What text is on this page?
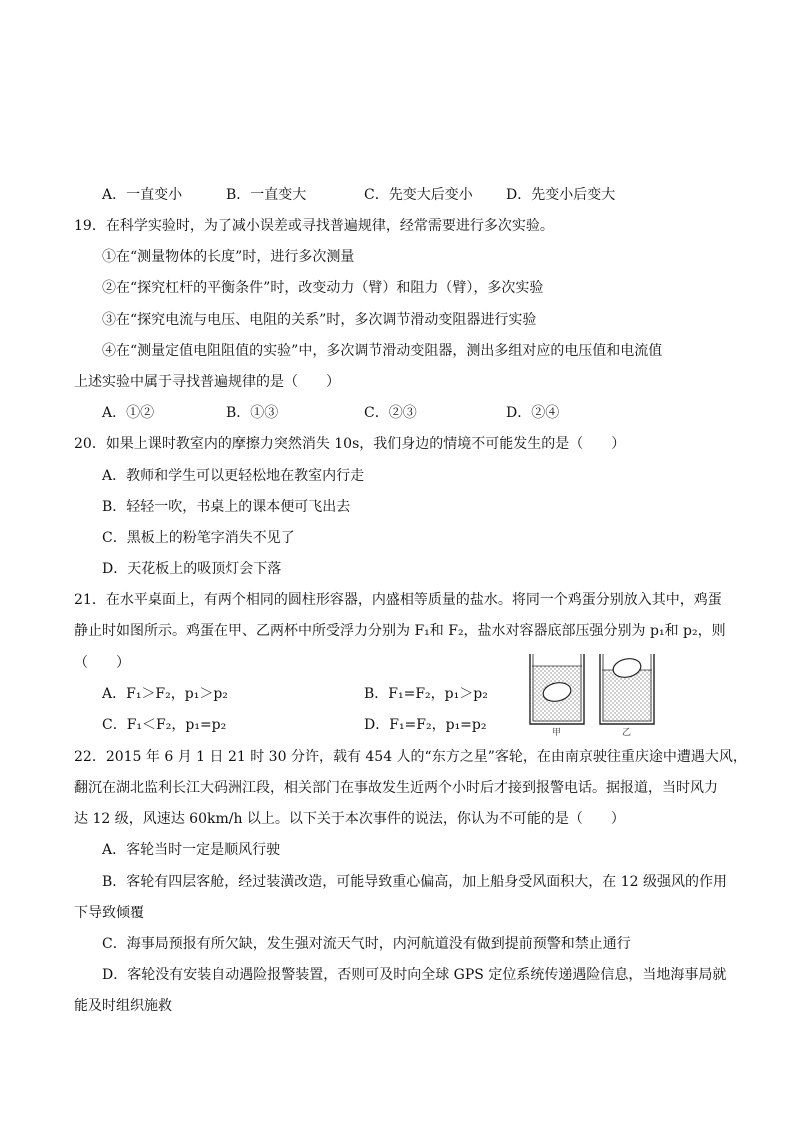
A．一直变小	B．一直变大	C．先变大后变小 D．先变小后变大
19．在科学实验时，为了减小误差或寻找普遍规律，经常需要进行多次实验。
①在“测量物体的长度”时，进行多次测量
②在“探究杠杆的平衡条件”时，改变动力（臂）和阻力（臂），多次实验
③在“探究电流与电压、电阻的关系”时，多次调节滑动变阻器进行实验
④在“测量定值电阻阻值的实验”中，多次调节滑动变阻器，测出多组对应的电压值和电流值
上述实验中属于寻找普遍规律的是（　　）
A．①②	B．①③	C．②③	D．②④
20．如果上课时教室内的摩擦力突然消失 10s，我们身边的情境不可能发生的是（　　）
A．教师和学生可以更轻松地在教室内行走
B．轻轻一吹，书桌上的课本便可飞出去
C．黑板上的粉笔字消失不见了
D．天花板上的吸顶灯会下落
21．在水平桌面上，有两个相同的圆柱形容器，内盛相等质量的盐水。将同一个鸡蛋分别放入其中，鸡蛋
静止时如图所示。鸡蛋在甲、乙两杯中所受浮力分别为 F₁和 F₂，盐水对容器底部压强分别为 p₁和 p₂，则
（　　）
A．F₁＞F₂，p₁＞p₂	B．F₁=F₂，p₁＞p₂
C．F₁＜F₂，p₁=p₂	D．F₁=F₂，p₁=p₂	甲	乙
22．2015 年 6 月 1 日 21 时 30 分许，载有 454 人的“东方之星”客轮，在由南京驶往重庆途中遭遇大风，
翻沉在湖北监利长江大码洲江段，相关部门在事故发生近两个小时后才接到报警电话。据报道，当时风力
达 12 级，风速达 60km/h 以上。以下关于本次事件的说法，你认为不可能的是（　　）
A．客轮当时一定是顺风行驶
B．客轮有四层客舱，经过装潢改造，可能导致重心偏高，加上船身受风面积大，在 12 级强风的作用
下导致倾覆
C．海事局预报有所欠缺，发生强对流天气时，内河航道没有做到提前预警和禁止通行
D．客轮没有安装自动遇险报警装置，否则可及时向全球 GPS 定位系统传递遇险信息，当地海事局就
能及时组织施救
